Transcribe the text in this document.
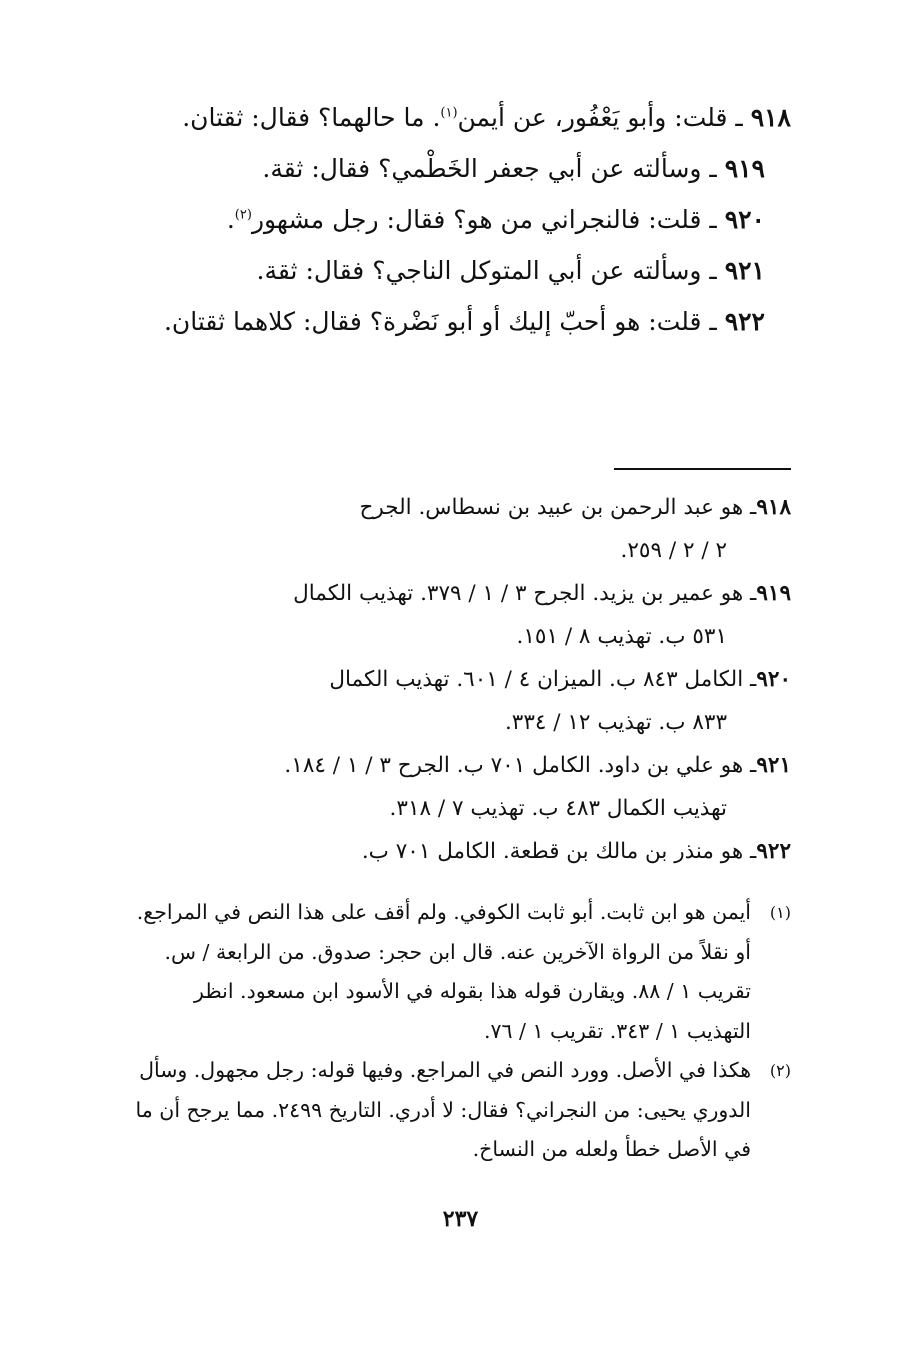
٩١٨ ـ قلت: وأبو يَعْفُور، عن أيمن$^{(١)}$. ما حالهما؟ فقال: ثقتان.

٩١٩ ـ وسألته عن أبي جعفر الخَطْمي؟ فقال: ثقة.

٩٢٠ ـ قلت: فالنجراني من هو؟ فقال: رجل مشهور$^{(٢)}$.

٩٢١ ـ وسألته عن أبي المتوكل الناجي؟ فقال: ثقة.

٩٢٢ ـ قلت: هو أحبّ إليك أو أبو نَضْرة؟ فقال: كلاهما ثقتان.

٩١٨ـ هو عبد الرحمن بن عبيد بن نسطاس. الجرح

٢ / ٢ / ٢٥٩.

٩١٩ـ هو عمير بن يزيد. الجرح ٣ / ١ / ٣٧٩. تهذيب الكمال

٥٣١ ب. تهذيب ٨ / ١٥١.

٩٢٠ـ الكامل ٨٤٣ ب. الميزان ٤ / ٦٠١. تهذيب الكمال

٨٣٣ ب. تهذيب ١٢ / ٣٣٤.

٩٢١ـ هو علي بن داود. الكامل ٧٠١ ب. الجرح ٣ / ١ / ١٨٤.

تهذيب الكمال ٤٨٣ ب. تهذيب ٧ / ٣١٨.

٩٢٢ـ هو منذر بن مالك بن قطعة. الكامل ٧٠١ ب.

(١)

أيمن هو ابن ثابت. أبو ثابت الكوفي. ولم أقف على هذا النص في المراجع. أو نقلاً من الرواة الآخرين عنه. قال ابن حجر: صدوق. من الرابعة / س. تقريب ١ / ٨٨. ويقارن قوله هذا بقوله في الأسود ابن مسعود. انظر التهذيب ١ / ٣٤٣. تقريب ١ / ٧٦.

(٢)

هكذا في الأصل. وورد النص في المراجع. وفيها قوله: رجل مجهول. وسأل الدوري يحيى: من النجراني؟ فقال: لا أدري. التاريخ ٢٤٩٩. مما يرجح أن ما في الأصل خطأ ولعله من النساخ.

٢٣٧
